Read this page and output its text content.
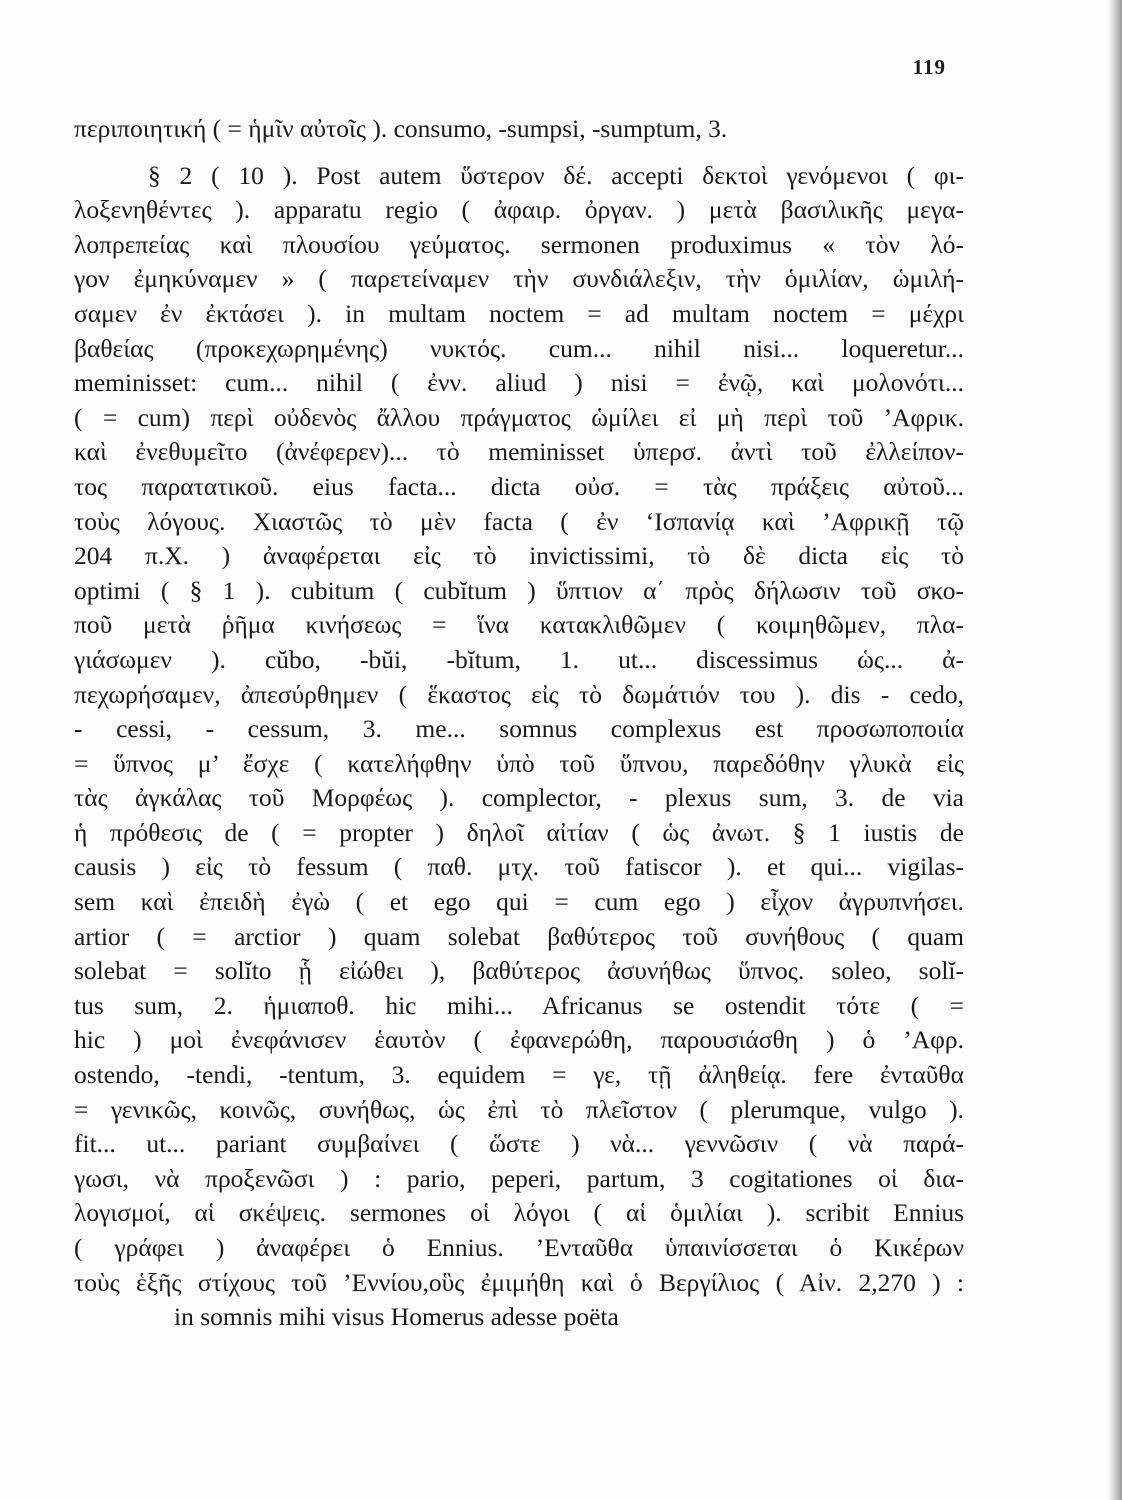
119
περιποιητική ( = ἡμῖν αὐτοῖς ). consumo, -sumpsi, -sumptum, 3.
§ 2 ( 10 ). Post autem ὕστερον δέ. accepti δεκτοὶ γενόμενοι ( φι-
λοξενηθέντες ). apparatu regio ( ἀφαιρ. ὀργαν. ) μετὰ βασιλικῆς μεγα-
λοπρεπείας καὶ πλουσίου γεύματος. sermonen produximus « τὸν λό-
γον ἐμηκύναμεν » ( παρετείναμεν τὴν συνδιάλεξιν, τὴν ὁμιλίαν, ὡμιλή-
σαμεν ἐν ἐκτάσει ). in multam noctem = ad multam noctem = μέχρι
βαθείας (προκεχωρημένης) νυκτός. cum... nihil nisi... loqueretur...
meminisset: cum... nihil ( ἐνν. aliud ) nisi = ἐνῷ, καὶ μολονότι...
( = cum) περὶ οὐδενὸς ἄλλου πράγματος ὡμίλει εἰ μὴ περὶ τοῦ ’Αφρικ.
καὶ ἐνεθυμεῖτο (ἀνέφερεν)... τὸ meminisset ὑπερσ. ἀντὶ τοῦ ἐλλείπον-
τος παρατατικοῦ. eius facta... dicta οὐσ. = τὰς πράξεις αὐτοῦ...
τοὺς λόγους. Χιαστῶς τὸ μὲν facta ( ἐν ‘Ισπανίᾳ καὶ ’Αφρικῇ τῷ
204 π.Χ. ) ἀναφέρεται εἰς τὸ invictissimi, τὸ δὲ dicta εἰς τὸ
optimi ( § 1 ). cubitum ( cubĭtum ) ὕπτιον α΄ πρὸς δήλωσιν τοῦ σκο-
ποῦ μετὰ ῥῆμα κινήσεως = ἵνα κατακλιθῶμεν ( κοιμηθῶμεν, πλα-
γιάσωμεν ). cŭbo, -bŭi, -bĭtum, 1. ut... discessimus ὡς... ἀ-
πεχωρήσαμεν, ἀπεσύρθημεν ( ἕκαστος εἰς τὸ δωμάτιόν του ). dis - cedo,
- cessi, - cessum, 3. me... somnus complexus est προσωποποιία
= ὕπνος μ’ ἔσχε ( κατελήφθην ὑπὸ τοῦ ὕπνου, παρεδόθην γλυκὰ εἰς
τὰς ἀγκάλας τοῦ Μορφέως ). complector, - plexus sum, 3. de via
ἡ πρόθεσις de ( = propter ) δηλοῖ αἰτίαν ( ὡς ἀνωτ. § 1 iustis de
causis ) εἰς τὸ fessum ( παθ. μτχ. τοῦ fatiscor ). et qui... vigilas-
sem καὶ ἐπειδὴ ἐγὼ ( et ego qui = cum ego ) εἶχον ἀγρυπνήσει.
artior ( = arctior ) quam solebat βαθύτερος τοῦ συνήθους ( quam
solebat = solĭto ᾗ εἰώθει ), βαθύτερος ἀσυνήθως ὕπνος. soleo, solĭ-
tus sum, 2. ἡμιαποθ. hic mihi... Africanus se ostendit τότε ( =
hic ) μοὶ ἐνεφάνισεν ἑαυτὸν ( ἐφανερώθη, παρουσιάσθη ) ὁ ’Αφρ.
ostendo, -tendi, -tentum, 3. equidem = γε, τῇ ἀληθείᾳ. fere ἐνταῦθα
= γενικῶς, κοινῶς, συνήθως, ὡς ἐπὶ τὸ πλεῖστον ( plerumque, vulgo ).
fit... ut... pariant συμβαίνει ( ὥστε ) νὰ... γεννῶσιν ( νὰ παρά-
γωσι, νὰ προξενῶσι ) : pario, peperi, partum, 3 cogitationes οἱ δια-
λογισμοί, αἱ σκέψεις. sermones οἱ λόγοι ( αἱ ὁμιλίαι ). scribit Ennius
( γράφει ) ἀναφέρει ὁ Ennius. ’Ενταῦθα ὑπαινίσσεται ὁ Κικέρων
τοὺς ἑξῆς στίχους τοῦ ’Εννίου,οὓς ἐμιμήθη καὶ ὁ Βεργίλιος ( Αἰν. 2,270 ) :
in somnis mihi visus Homerus adesse poëta
